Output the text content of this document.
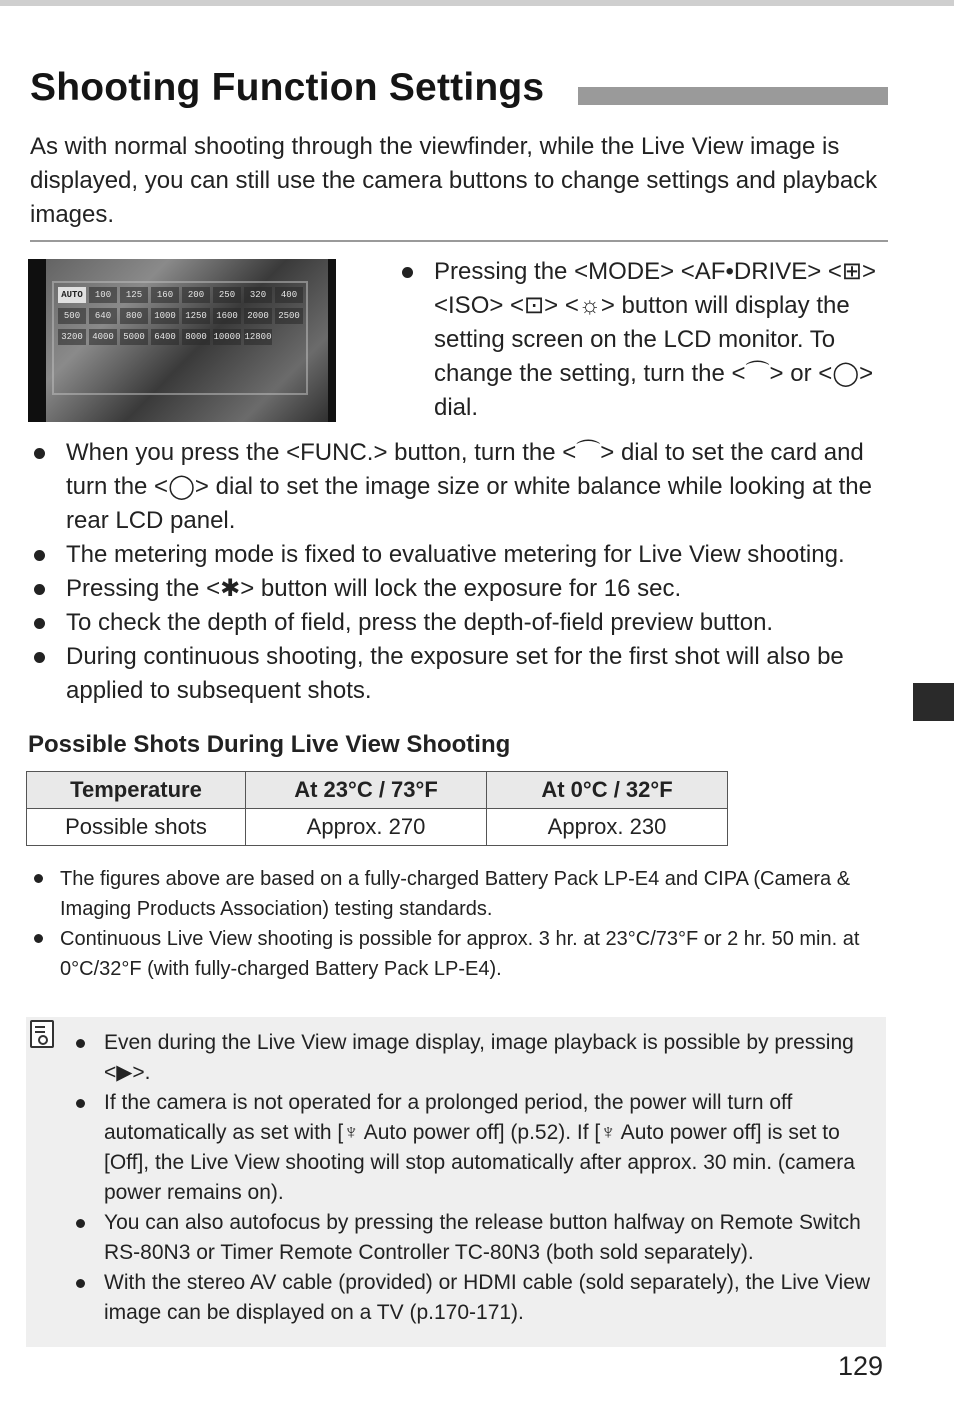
Shooting Function Settings
As with normal shooting through the viewfinder, while the Live View image is displayed, you can still use the camera buttons to change settings and playback images.
AUTO	100	125	160	200	250	320	400
500	640	800	1000	1250	1600	2000	2500
3200	4000	5000	6400	8000 10000 12800
Pressing the <MODE> <AF•DRIVE> <⊞> <ISO> <⊡> <☼> button will display the setting screen on the LCD monitor. To change the setting, turn the <⌒> or <◯> dial.
When you press the <FUNC.> button, turn the <⌒> dial to set the card and turn the <◯> dial to set the image size or white balance while looking at the rear LCD panel.
The metering mode is fixed to evaluative metering for Live View shooting.
Pressing the <✱> button will lock the exposure for 16 sec.
To check the depth of field, press the depth-of-field preview button.
During continuous shooting, the exposure set for the first shot will also be applied to subsequent shots.
Possible Shots During Live View Shooting
Temperature	At 23°C / 73°F	At 0°C / 32°F
Possible shots	Approx. 270	Approx. 230
The figures above are based on a fully-charged Battery Pack LP-E4 and CIPA (Camera & Imaging Products Association) testing standards.
Continuous Live View shooting is possible for approx. 3 hr. at 23°C/73°F or 2 hr. 50 min. at 0°C/32°F (with fully-charged Battery Pack LP-E4).
Even during the Live View image display, image playback is possible by pressing <▶>.
If the camera is not operated for a prolonged period, the power will turn off automatically as set with [♆ Auto power off] (p.52). If [♆ Auto power off] is set to [Off], the Live View shooting will stop automatically after approx. 30 min. (camera power remains on).
You can also autofocus by pressing the release button halfway on Remote Switch RS-80N3 or Timer Remote Controller TC-80N3 (both sold separately).
With the stereo AV cable (provided) or HDMI cable (sold separately), the Live View image can be displayed on a TV (p.170-171).
129
